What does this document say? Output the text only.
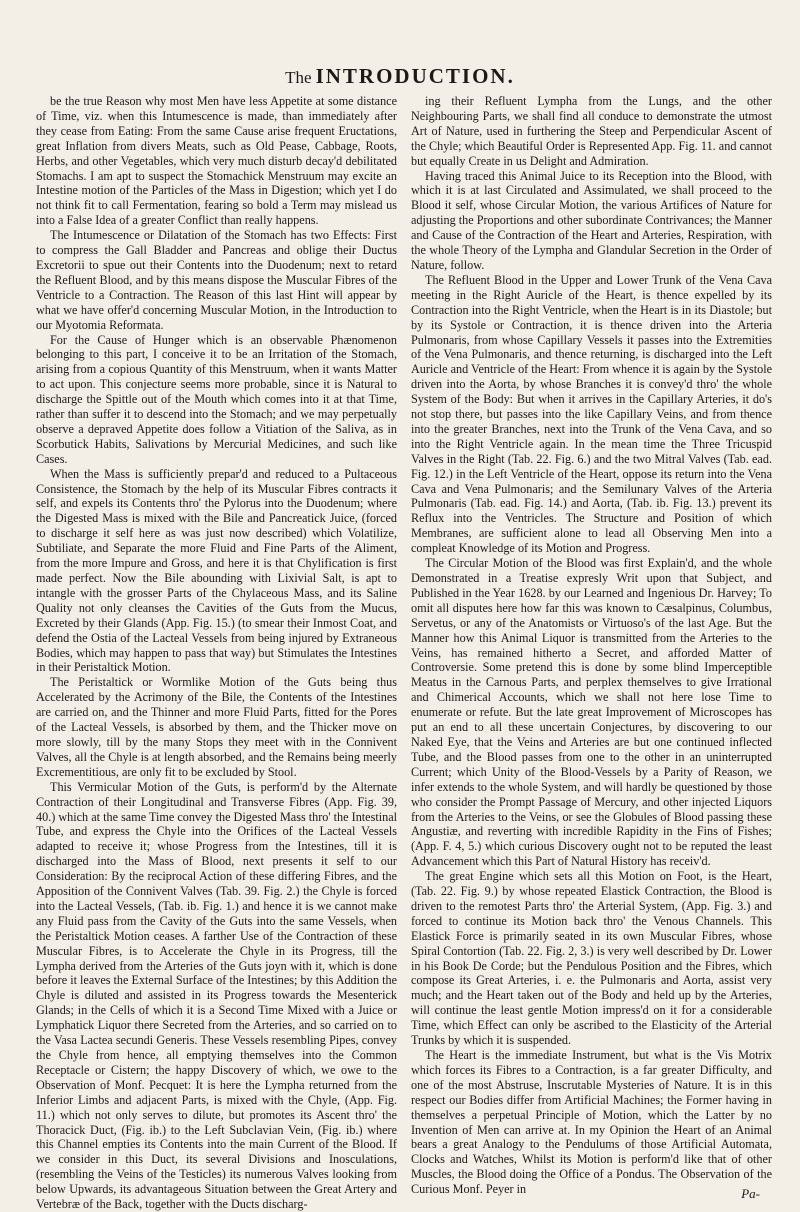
The INTRODUCTION.

be the true Reason why most Men have less Appetite at some distance of Time, viz. when this Intumescence is made, than immediately after they cease from Eating: From the same Cause arise frequent Eructations, great Inflation from divers Meats, such as Old Pease, Cabbage, Roots, Herbs, and other Vegetables, which very much disturb decay'd debilitated Stomachs. I am apt to suspect the Stomachick Menstruum may excite an Intestine motion of the Particles of the Mass in Digestion; which yet I do not think fit to call Fermentation, fearing so bold a Term may mislead us into a False Idea of a greater Conflict than really happens.

The Intumescence or Dilatation of the Stomach has two Effects: First to compress the Gall Bladder and Pancreas and oblige their Ductus Excretorii to spue out their Contents into the Duodenum; next to retard the Refluent Blood, and by this means dispose the Muscular Fibres of the Ventricle to a Contraction. The Reason of this last Hint will appear by what we have offer'd concerning Muscular Motion, in the Introduction to our Myotomia Reformata.

For the Cause of Hunger which is an observable Phænomenon belonging to this part, I conceive it to be an Irritation of the Stomach, arising from a copious Quantity of this Menstruum, when it wants Matter to act upon. This conjecture seems more probable, since it is Natural to discharge the Spittle out of the Mouth which comes into it at that Time, rather than suffer it to descend into the Stomach; and we may perpetually observe a depraved Appetite does follow a Vitiation of the Saliva, as in Scorbutick Habits, Salivations by Mercurial Medicines, and such like Cases.

When the Mass is sufficiently prepar'd and reduced to a Pultaceous Consistence, the Stomach by the help of its Muscular Fibres contracts it self, and expels its Contents thro' the Pylorus into the Duodenum; where the Digested Mass is mixed with the Bile and Pancreatick Juice, (forced to discharge it self here as was just now described) which Volatilize, Subtiliate, and Separate the more Fluid and Fine Parts of the Aliment, from the more Impure and Gross, and here it is that Chylification is first made perfect. Now the Bile abounding with Lixivial Salt, is apt to intangle with the grosser Parts of the Chylaceous Mass, and its Saline Quality not only cleanses the Cavities of the Guts from the Mucus, Excreted by their Glands (App. Fig. 15.) (to smear their Inmost Coat, and defend the Ostia of the Lacteal Vessels from being injured by Extraneous Bodies, which may happen to pass that way) but Stimulates the Intestines in their Peristaltick Motion.

The Peristaltick or Wormlike Motion of the Guts being thus Accelerated by the Acrimony of the Bile, the Contents of the Intestines are carried on, and the Thinner and more Fluid Parts, fitted for the Pores of the Lacteal Vessels, is absorbed by them, and the Thicker move on more slowly, till by the many Stops they meet with in the Connivent Valves, all the Chyle is at length absorbed, and the Remains being meerly Excrementitious, are only fit to be excluded by Stool.

This Vermicular Motion of the Guts, is perform'd by the Alternate Contraction of their Longitudinal and Transverse Fibres (App. Fig. 39, 40.) which at the same Time convey the Digested Mass thro' the Intestinal Tube, and express the Chyle into the Orifices of the Lacteal Vessels adapted to receive it; whose Progress from the Intestines, till it is discharged into the Mass of Blood, next presents it self to our Consideration: By the reciprocal Action of these differing Fibres, and the Apposition of the Connivent Valves (Tab. 39. Fig. 2.) the Chyle is forced into the Lacteal Vessels, (Tab. ib. Fig. 1.) and hence it is we cannot make any Fluid pass from the Cavity of the Guts into the same Vessels, when the Peristaltick Motion ceases. A farther Use of the Contraction of these Muscular Fibres, is to Accelerate the Chyle in its Progress, till the Lympha derived from the Arteries of the Guts joyn with it, which is done before it leaves the External Surface of the Intestines; by this Addition the Chyle is diluted and assisted in its Progress towards the Mesenterick Glands; in the Cells of which it is a Second Time Mixed with a Juice or Lymphatick Liquor there Secreted from the Arteries, and so carried on to the Vasa Lactea secundi Generis. These Vessels resembling Pipes, convey the Chyle from hence, all emptying themselves into the Common Receptacle or Cistern; the happy Discovery of which, we owe to the Observation of Monf. Pecquet: It is here the Lympha returned from the Inferior Limbs and adjacent Parts, is mixed with the Chyle, (App. Fig. 11.) which not only serves to dilute, but promotes its Ascent thro' the Thoracick Duct, (Fig. ib.) to the Left Subclavian Vein, (Fig. ib.) where this Channel empties its Contents into the main Current of the Blood. If we consider in this Duct, its several Divisions and Inosculations, (resembling the Veins of the Testicles) its numerous Valves looking from below Upwards, its advantageous Situation between the Great Artery and Vertebræ of the Back, together with the Ducts discharg-

ing their Refluent Lympha from the Lungs, and the other Neighbouring Parts, we shall find all conduce to demonstrate the utmost Art of Nature, used in furthering the Steep and Perpendicular Ascent of the Chyle; which Beautiful Order is Represented App. Fig. 11. and cannot but equally Create in us Delight and Admiration.

Having traced this Animal Juice to its Reception into the Blood, with which it is at last Circulated and Assimulated, we shall proceed to the Blood it self, whose Circular Motion, the various Artifices of Nature for adjusting the Proportions and other subordinate Contrivances; the Manner and Cause of the Contraction of the Heart and Arteries, Respiration, with the whole Theory of the Lympha and Glandular Secretion in the Order of Nature, follow.

The Refluent Blood in the Upper and Lower Trunk of the Vena Cava meeting in the Right Auricle of the Heart, is thence expelled by its Contraction into the Right Ventricle, when the Heart is in its Diastole; but by its Systole or Contraction, it is thence driven into the Arteria Pulmonaris, from whose Capillary Vessels it passes into the Extremities of the Vena Pulmonaris, and thence returning, is discharged into the Left Auricle and Ventricle of the Heart: From whence it is again by the Systole driven into the Aorta, by whose Branches it is convey'd thro' the whole System of the Body: But when it arrives in the Capillary Arteries, it do's not stop there, but passes into the like Capillary Veins, and from thence into the greater Branches, next into the Trunk of the Vena Cava, and so into the Right Ventricle again. In the mean time the Three Tricuspid Valves in the Right (Tab. 22. Fig. 6.) and the two Mitral Valves (Tab. ead. Fig. 12.) in the Left Ventricle of the Heart, oppose its return into the Vena Cava and Vena Pulmonaris; and the Semilunary Valves of the Arteria Pulmonaris (Tab. ead. Fig. 14.) and Aorta, (Tab. ib. Fig. 13.) prevent its Reflux into the Ventricles. The Structure and Position of which Membranes, are sufficient alone to lead all Observing Men into a compleat Knowledge of its Motion and Progress.

The Circular Motion of the Blood was first Explain'd, and the whole Demonstrated in a Treatise expresly Writ upon that Subject, and Published in the Year 1628. by our Learned and Ingenious Dr. Harvey; To omit all disputes here how far this was known to Cæsalpinus, Columbus, Servetus, or any of the Anatomists or Virtuoso's of the last Age. But the Manner how this Animal Liquor is transmitted from the Arteries to the Veins, has remained hitherto a Secret, and afforded Matter of Controversie. Some pretend this is done by some blind Imperceptible Meatus in the Carnous Parts, and perplex themselves to give Irrational and Chimerical Accounts, which we shall not here lose Time to enumerate or refute. But the late great Improvement of Microscopes has put an end to all these uncertain Conjectures, by discovering to our Naked Eye, that the Veins and Arteries are but one continued inflected Tube, and the Blood passes from one to the other in an uninterrupted Current; which Unity of the Blood-Vessels by a Parity of Reason, we infer extends to the whole System, and will hardly be questioned by those who consider the Prompt Passage of Mercury, and other injected Liquors from the Arteries to the Veins, or see the Globules of Blood passing these Angustiæ, and reverting with incredible Rapidity in the Fins of Fishes; (App. F. 4, 5.) which curious Discovery ought not to be reputed the least Advancement which this Part of Natural History has receiv'd.

The great Engine which sets all this Motion on Foot, is the Heart, (Tab. 22. Fig. 9.) by whose repeated Elastick Contraction, the Blood is driven to the remotest Parts thro' the Arterial System, (App. Fig. 3.) and forced to continue its Motion back thro' the Venous Channels. This Elastick Force is primarily seated in its own Muscular Fibres, whose Spiral Contortion (Tab. 22. Fig. 2, 3.) is very well described by Dr. Lower in his Book De Corde; but the Pendulous Position and the Fibres, which compose its Great Arteries, i. e. the Pulmonaris and Aorta, assist very much; and the Heart taken out of the Body and held up by the Arteries, will continue the least gentle Motion impress'd on it for a considerable Time, which Effect can only be ascribed to the Elasticity of the Arterial Trunks by which it is suspended.

The Heart is the immediate Instrument, but what is the Vis Motrix which forces its Fibres to a Contraction, is a far greater Difficulty, and one of the most Abstruse, Inscrutable Mysteries of Nature. It is in this respect our Bodies differ from Artificial Machines; the Former having in themselves a perpetual Principle of Motion, which the Latter by no Invention of Men can arrive at. In my Opinion the Heart of an Animal bears a great Analogy to the Pendulums of those Artificial Automata, Clocks and Watches, Whilst its Motion is perform'd like that of other Muscles, the Blood doing the Office of a Pondus. The Observation of the Curious Monf. Peyer in	Pa-
